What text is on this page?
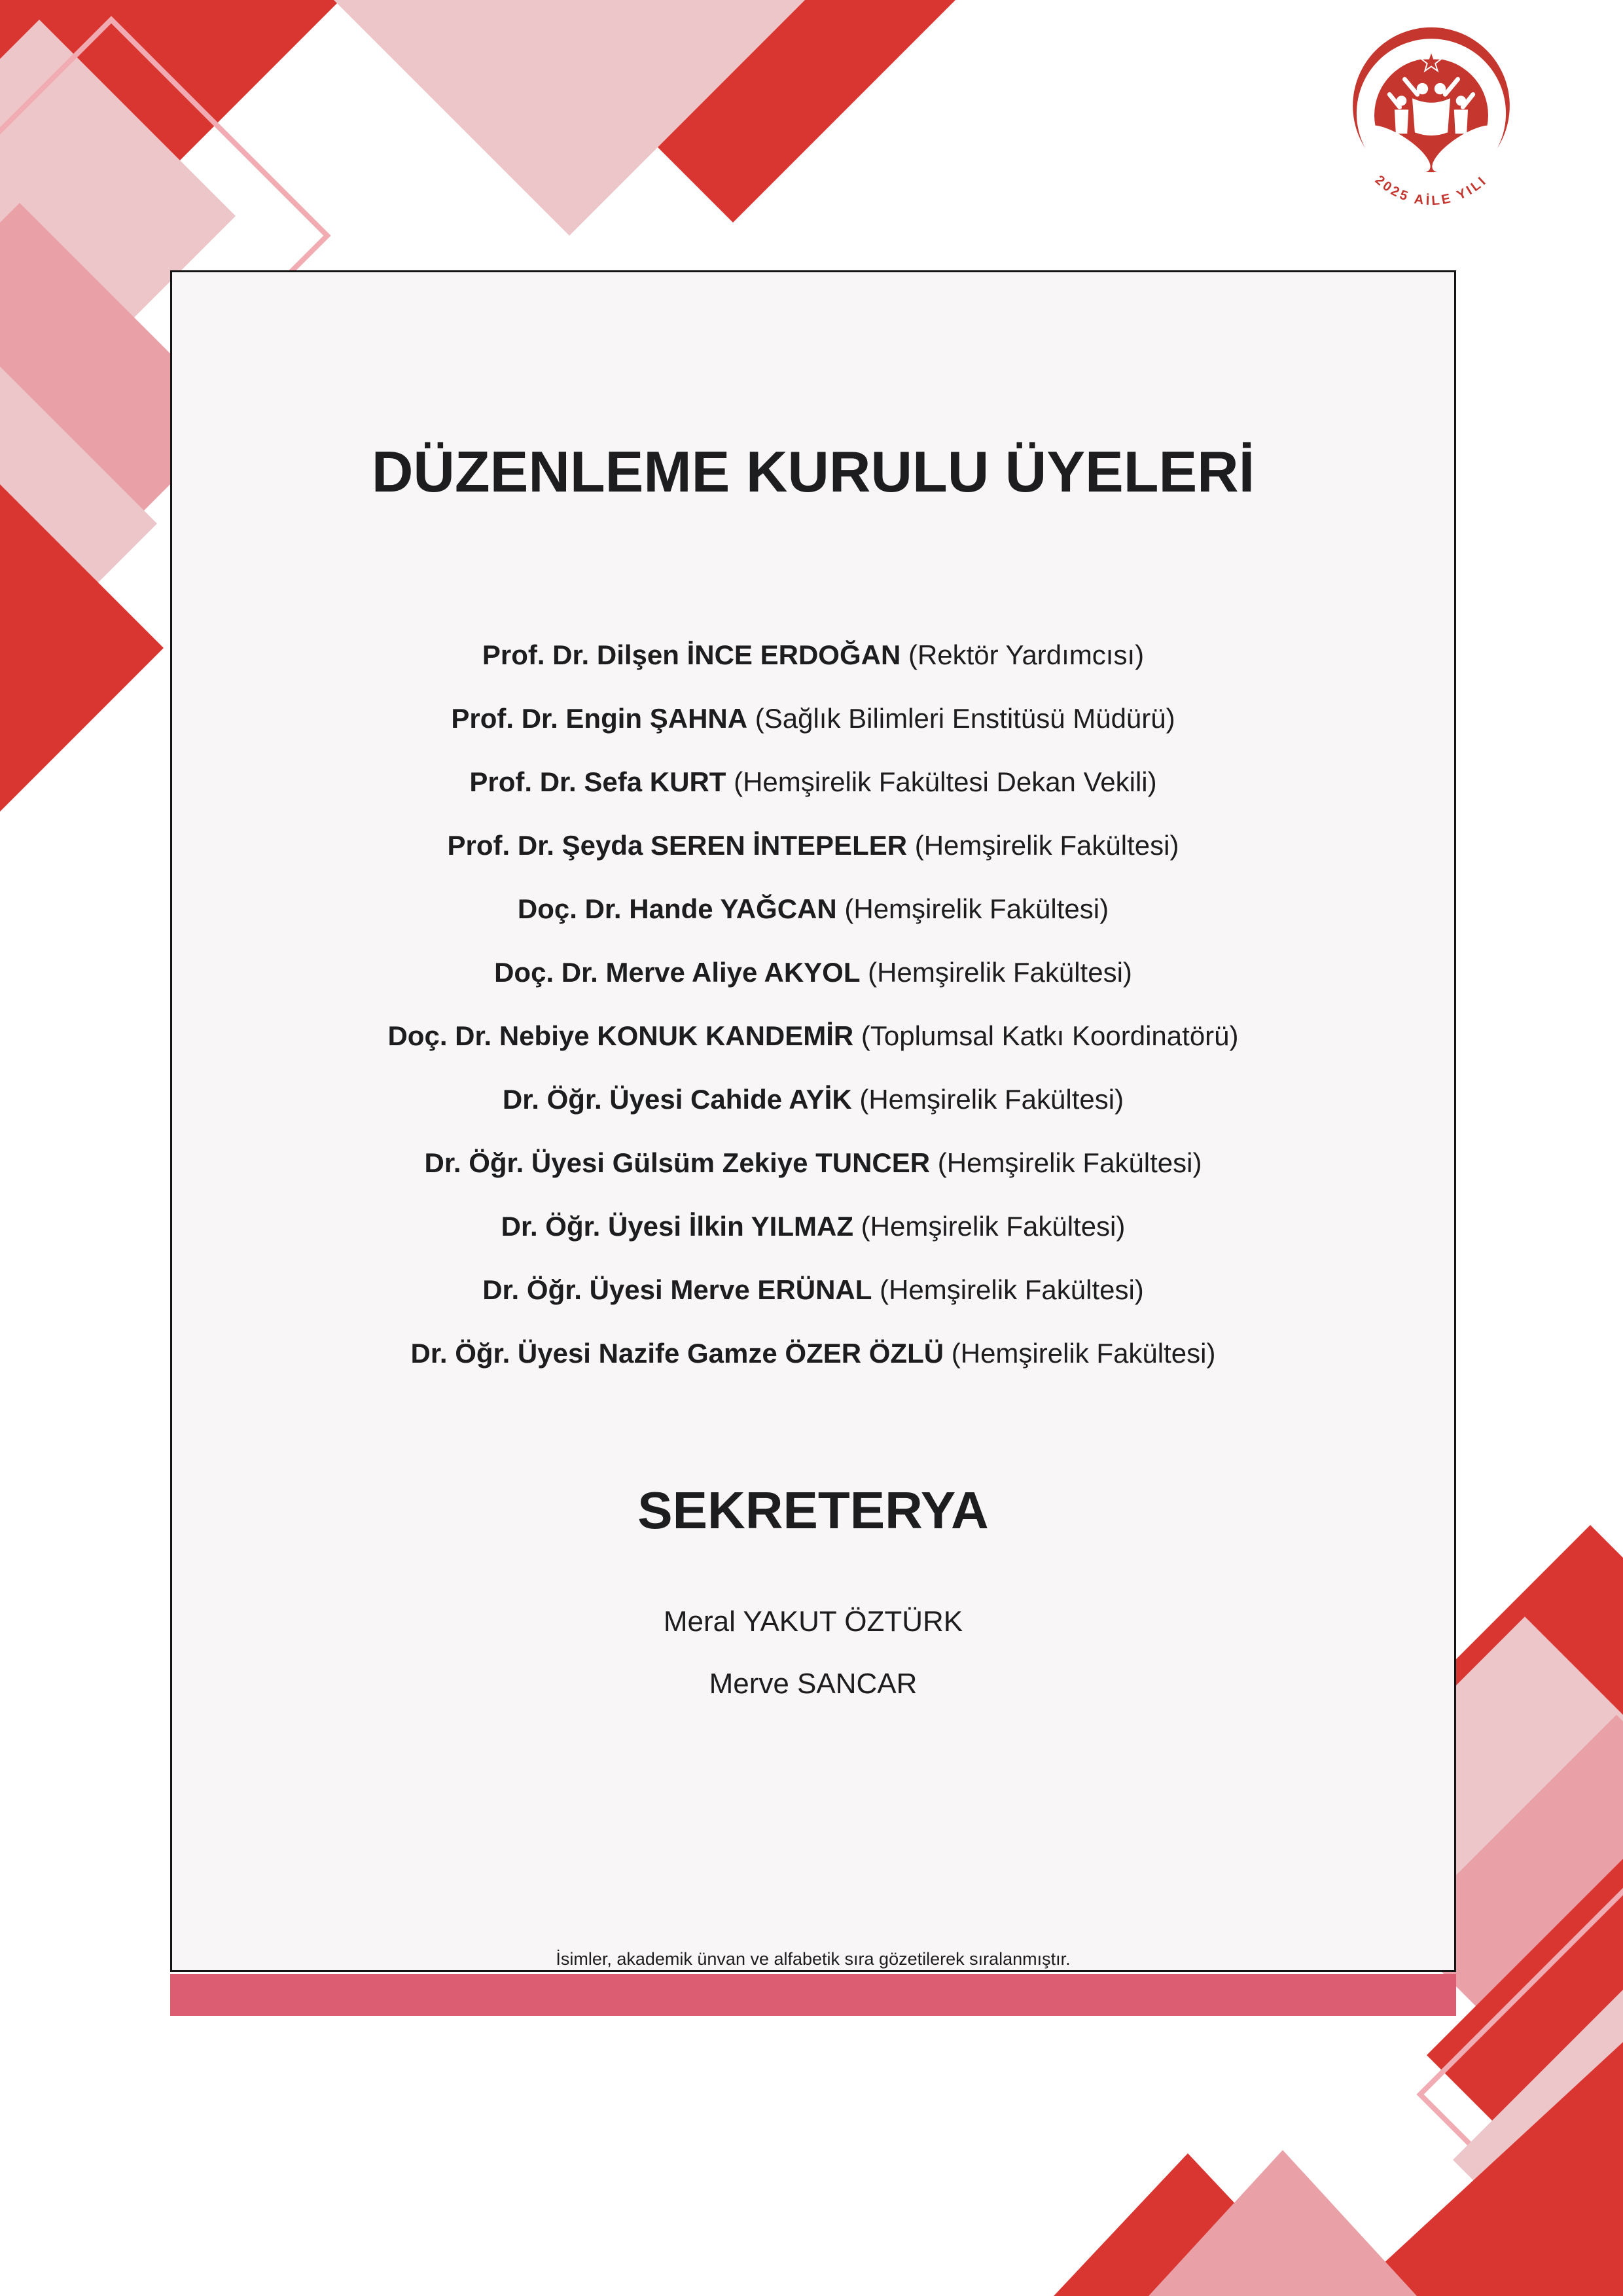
2025 AİLE YILI
DÜZENLEME KURULU ÜYELERİ
Prof. Dr. Dilşen İNCE ERDOĞAN (Rektör Yardımcısı)
Prof. Dr. Engin ŞAHNA (Sağlık Bilimleri Enstitüsü Müdürü)
Prof. Dr. Sefa KURT (Hemşirelik Fakültesi Dekan Vekili)
Prof. Dr. Şeyda SEREN İNTEPELER (Hemşirelik Fakültesi)
Doç. Dr. Hande YAĞCAN (Hemşirelik Fakültesi)
Doç. Dr. Merve Aliye AKYOL (Hemşirelik Fakültesi)
Doç. Dr. Nebiye KONUK KANDEMİR (Toplumsal Katkı Koordinatörü)
Dr. Öğr. Üyesi Cahide AYİK (Hemşirelik Fakültesi)
Dr. Öğr. Üyesi Gülsüm Zekiye TUNCER (Hemşirelik Fakültesi)
Dr. Öğr. Üyesi İlkin YILMAZ (Hemşirelik Fakültesi)
Dr. Öğr. Üyesi Merve ERÜNAL (Hemşirelik Fakültesi)
Dr. Öğr. Üyesi Nazife Gamze ÖZER ÖZLÜ (Hemşirelik Fakültesi)
SEKRETERYA
Meral YAKUT ÖZTÜRK
Merve SANCAR
İsimler, akademik ünvan ve alfabetik sıra gözetilerek sıralanmıştır.
